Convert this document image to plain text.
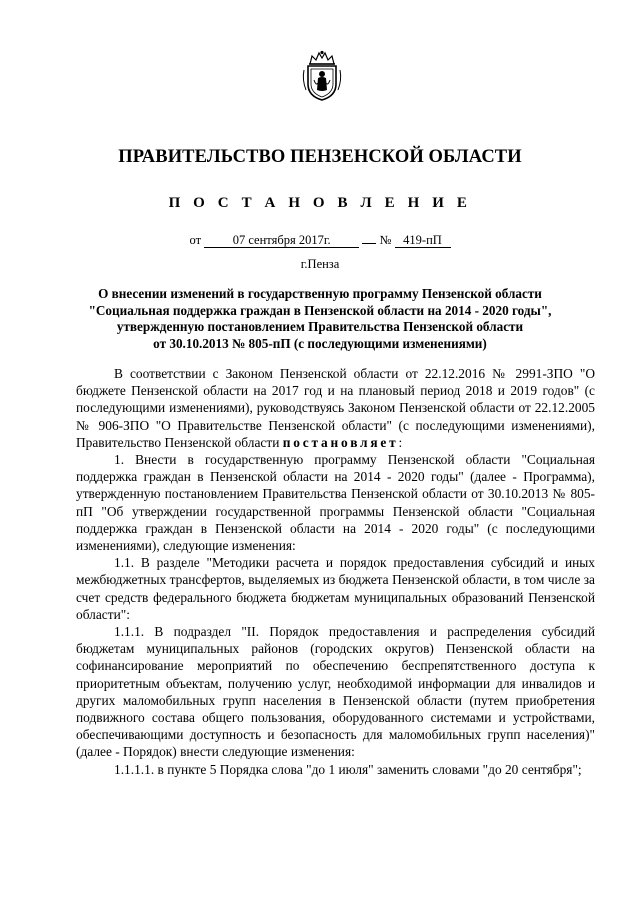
ПРАВИТЕЛЬСТВО ПЕНЗЕНСКОЙ ОБЛАСТИ
П О С Т А Н О В Л Е Н И Е
от	07 сентября 2017г.	№ 419-пП
г.Пенза
О внесении изменений в государственную программу Пензенской области
"Социальная поддержка граждан в Пензенской области на 2014 - 2020 годы",
утвержденную постановлением Правительства Пензенской области
от 30.10.2013 № 805-пП (с последующими изменениями)

В соответствии с Законом Пензенской области от 22.12.2016 № 2991-ЗПО "О бюджете Пензенской области на 2017 год и на плановый период 2018 и 2019 годов" (с последующими изменениями), руководствуясь Законом Пензенской области от 22.12.2005 № 906-ЗПО "О Правительстве Пензенской области" (с последующими изменениями), Правительство Пензенской области постановляет:

1. Внести в государственную программу Пензенской области "Социальная поддержка граждан в Пензенской области на 2014 - 2020 годы" (далее - Программа), утвержденную постановлением Правительства Пензенской области от 30.10.2013 № 805-пП "Об утверждении государственной программы Пензенской области "Социальная поддержка граждан в Пензенской области на 2014 - 2020 годы" (с последующими изменениями), следующие изменения:

1.1. В разделе "Методики расчета и порядок предоставления субсидий и иных межбюджетных трансфертов, выделяемых из бюджета Пензенской области, в том числе за счет средств федерального бюджета бюджетам муниципальных образований Пензенской области":

1.1.1. В подраздел "II. Порядок предоставления и распределения субсидий бюджетам муниципальных районов (городских округов) Пензенской области на софинансирование мероприятий по обеспечению беспрепятственного доступа к приоритетным объектам, получению услуг, необходимой информации для инвалидов и других маломобильных групп населения в Пензенской области (путем приобретения подвижного состава общего пользования, оборудованного системами и устройствами, обеспечивающими доступность и безопасность для маломобильных групп населения)" (далее - Порядок) внести следующие изменения:

1.1.1.1. в пункте 5 Порядка слова "до 1 июля" заменить словами "до 20 сентября";
